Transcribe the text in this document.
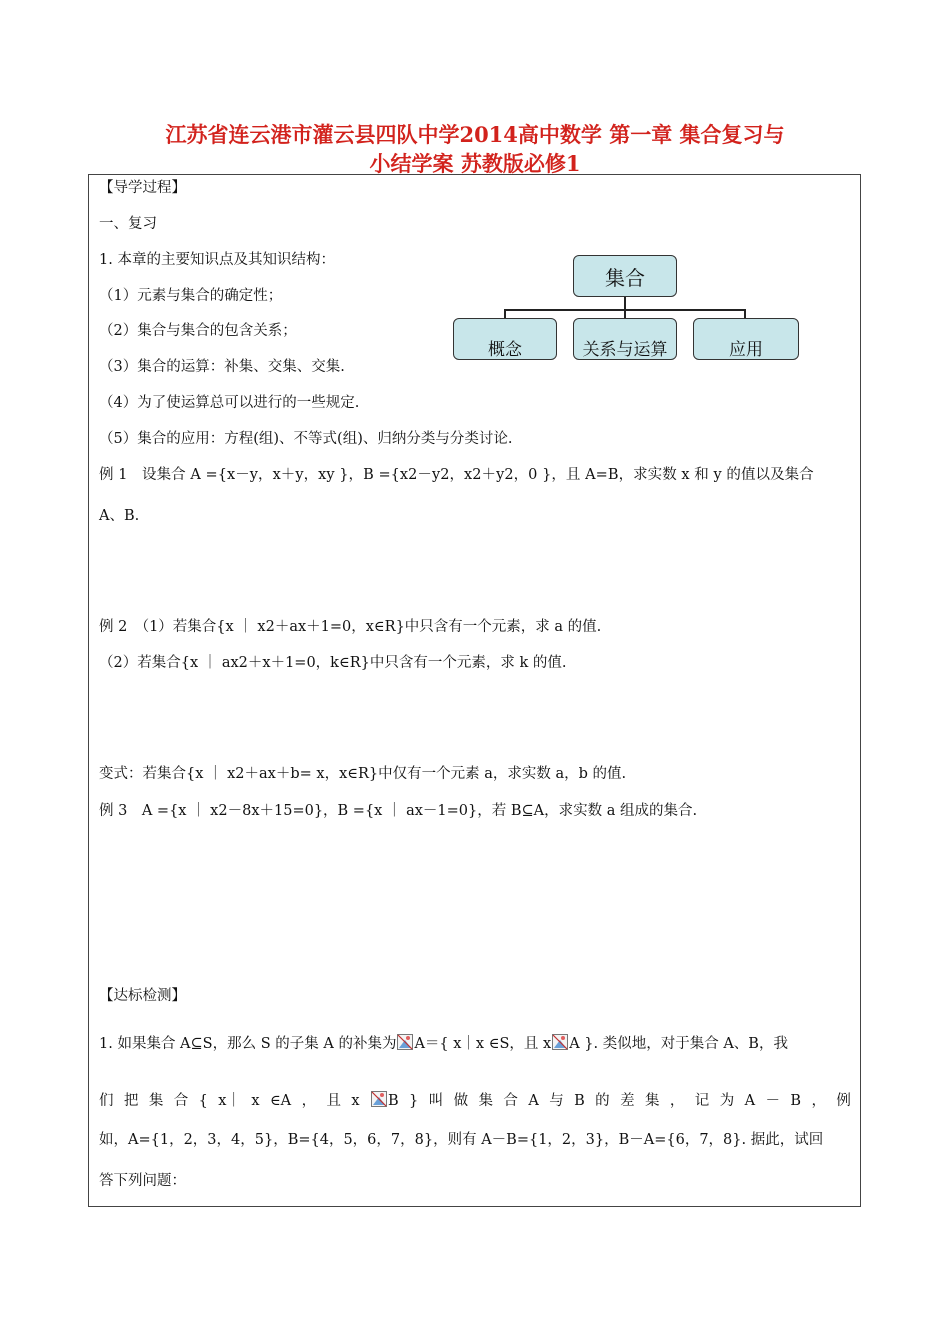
江苏省连云港市灌云县四队中学2014高中数学 第一章 集合复习与
小结学案 苏教版必修1
【导学过程】
一、复习
1. 本章的主要知识点及其知识结构：
（1）元素与集合的确定性；
（2）集合与集合的包含关系；
（3）集合的运算：补集、交集、交集.
（4）为了使运算总可以进行的一些规定.
（5）集合的应用：方程(组)、不等式(组)、归纳分类与分类讨论.
集合
概念	关系与运算	应用
例 1　设集合 A ={x－y，x＋y，xy }，B ={x2－y2，x2＋y2，0 }，且 A=B，求实数 x 和 y 的值以及集合
A、B.
例 2　（1）若集合{x ｜ x2＋ax＋1=0，x∈R}中只含有一个元素，求 a 的值.
（2）若集合{x ｜ ax2＋x＋1=0，k∈R}中只含有一个元素，求 k 的值.
变式：若集合{x ｜ x2＋ax＋b= x，x∈R}中仅有一个元素 a，求实数 a，b 的值.
例 3　A ={x ｜ x2－8x＋15=0}，B ={x ｜ ax－1=0}，若 B⊆A，求实数 a 组成的集合.
【达标检测】
1. 如果集合 A⊆S，那么 S 的子集 A 的补集为 A＝{ x｜x ∈S，且 x A }. 类似地，对于集合 A、B，我
们 把 集 合 { x｜ x ∈A ， 且 x	B } 叫 做 集 合 A 与 B 的 差 集 ， 记 为 A － B ， 例
如，A={1，2，3，4，5}，B={4，5，6，7，8}，则有 A－B={1，2，3}，B－A={6，7，8}. 据此，试回
答下列问题：
